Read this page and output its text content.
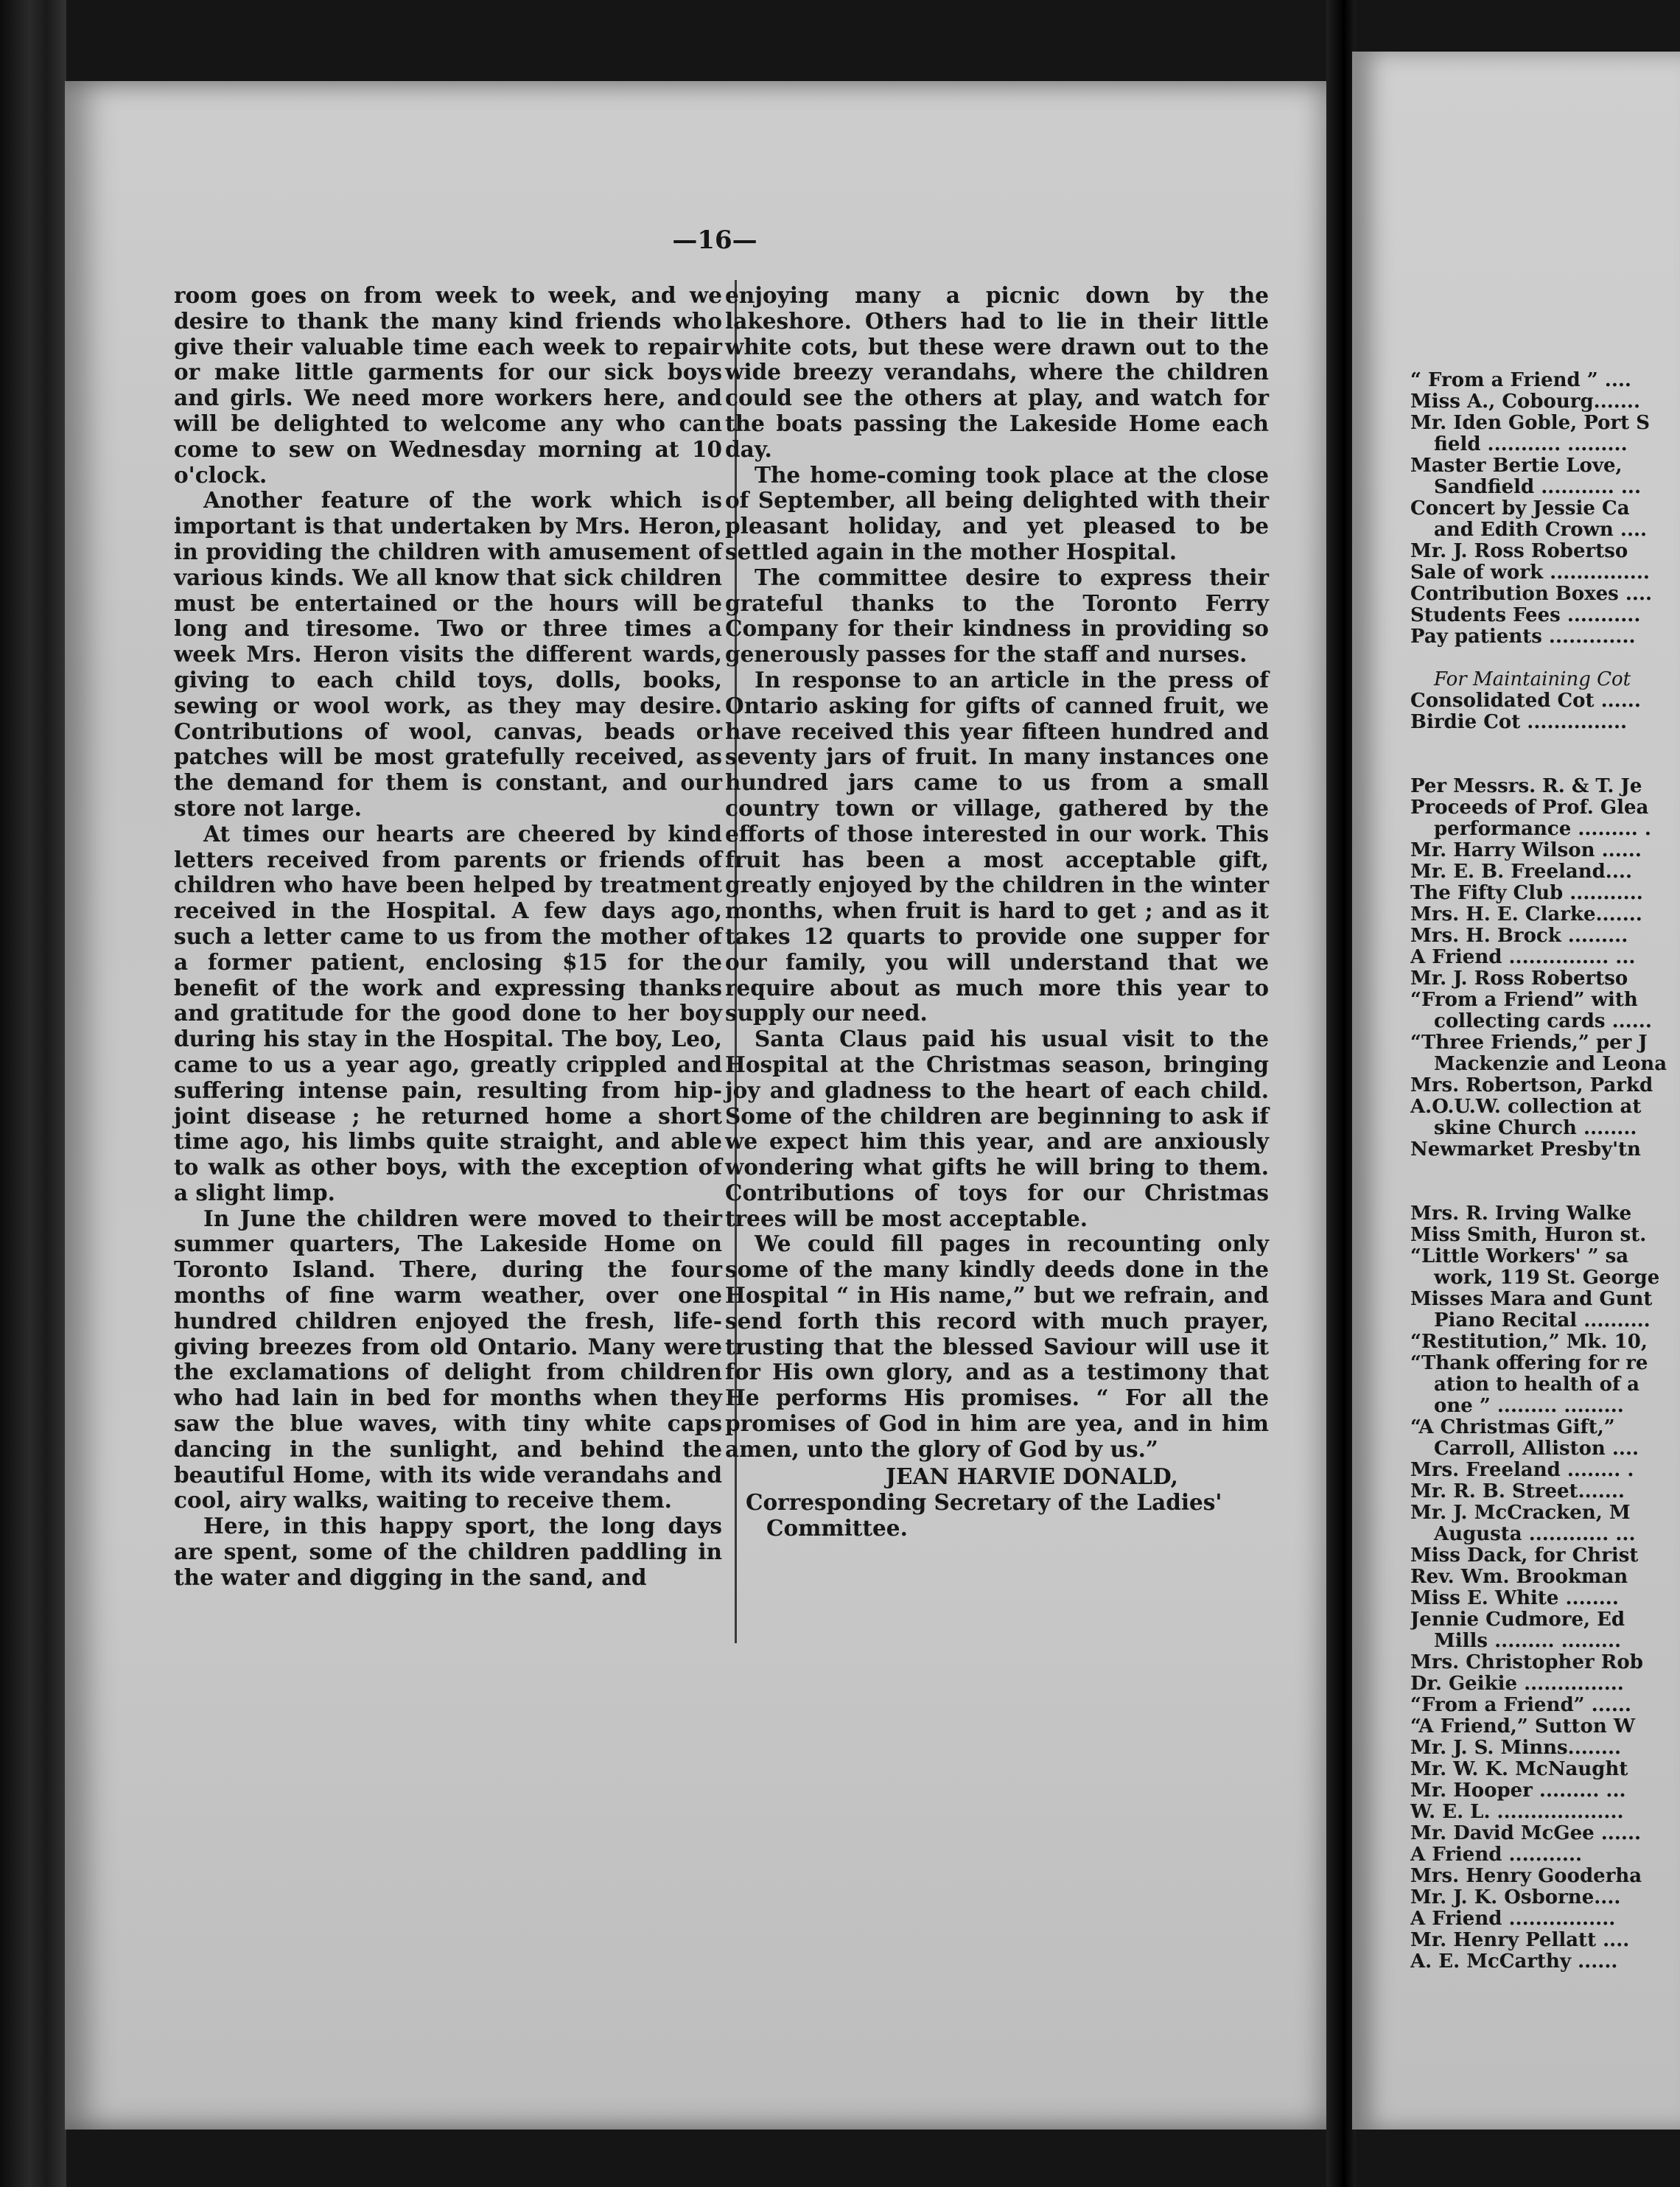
—16—

room goes on from week to week, and we desire to thank the many kind friends who give their valuable time each week to repair or make little garments for our sick boys and girls. We need more workers here, and will be delighted to welcome any who can come to sew on Wednesday morning at 10 o'clock.

Another feature of the work which is important is that undertaken by Mrs. Heron, in providing the children with amusement of various kinds. We all know that sick children must be entertained or the hours will be long and tiresome. Two or three times a week Mrs. Heron visits the different wards, giving to each child toys, dolls, books, sewing or wool work, as they may desire. Contributions of wool, canvas, beads or patches will be most gratefully received, as the demand for them is constant, and our store not large.

At times our hearts are cheered by kind letters received from parents or friends of children who have been helped by treatment received in the Hospital. A few days ago, such a letter came to us from the mother of a former patient, enclosing $15 for the benefit of the work and expressing thanks and gratitude for the good done to her boy during his stay in the Hospital. The boy, Leo, came to us a year ago, greatly crippled and suffering intense pain, resulting from hip-joint disease ; he returned home a short time ago, his limbs quite straight, and able to walk as other boys, with the exception of a slight limp.

In June the children were moved to their summer quarters, The Lakeside Home on Toronto Island. There, during the four months of fine warm weather, over one hundred children enjoyed the fresh, life-giving breezes from old Ontario. Many were the exclamations of delight from children who had lain in bed for months when they saw the blue waves, with tiny white caps dancing in the sunlight, and behind the beautiful Home, with its wide verandahs and cool, airy walks, waiting to receive them.

Here, in this happy sport, the long days are spent, some of the children paddling in the water and digging in the sand, and

enjoying many a picnic down by the lakeshore. Others had to lie in their little white cots, but these were drawn out to the wide breezy verandahs, where the children could see the others at play, and watch for the boats passing the Lakeside Home each day.

The home-coming took place at the close of September, all being delighted with their pleasant holiday, and yet pleased to be settled again in the mother Hospital.

The committee desire to express their grateful thanks to the Toronto Ferry Company for their kindness in providing so generously passes for the staff and nurses.

In response to an article in the press of Ontario asking for gifts of canned fruit, we have received this year fifteen hundred and seventy jars of fruit. In many instances one hundred jars came to us from a small country town or village, gathered by the efforts of those interested in our work. This fruit has been a most acceptable gift, greatly enjoyed by the children in the winter months, when fruit is hard to get ; and as it takes 12 quarts to provide one supper for our family, you will understand that we require about as much more this year to supply our need.

Santa Claus paid his usual visit to the Hospital at the Christmas season, bringing joy and gladness to the heart of each child. Some of the children are beginning to ask if we expect him this year, and are anxiously wondering what gifts he will bring to them. Contributions of toys for our Christmas trees will be most acceptable.

We could fill pages in recounting only some of the many kindly deeds done in the Hospital “ in His name,” but we refrain, and send forth this record with much prayer, trusting that the blessed Saviour will use it for His own glory, and as a testimony that He performs His promises. “ For all the promises of God in him are yea, and in him amen, unto the glory of God by us.”

JEAN HARVIE DONALD,
Corresponding Secretary of the Ladies'
Committee.
“ From a Friend ” ....
Miss A., Cobourg.......
Mr. Iden Goble, Port S
field ........... .........
Master Bertie Love,
Sandfield ........... ...
Concert by Jessie Ca
and Edith Crown ....
Mr. J. Ross Robertso
Sale of work ...............
Contribution Boxes ....
Students Fees ...........
Pay patients .............
For Maintaining Cot
Consolidated Cot ......
Birdie Cot ...............
Per Messrs. R. & T. Je
Proceeds of Prof. Glea
performance ......... .
Mr. Harry Wilson ......
Mr. E. B. Freeland....
The Fifty Club ...........
Mrs. H. E. Clarke.......
Mrs. H. Brock .........
A Friend ............... ...
Mr. J. Ross Robertso
“From a Friend” with
collecting cards ......
“Three Friends,” per J
Mackenzie and Leona
Mrs. Robertson, Parkd
A.O.U.W. collection at
skine Church ........
Newmarket Presby'tn
Mrs. R. Irving Walke
Miss Smith, Huron st.
“Little Workers' ” sa
work, 119 St. George
Misses Mara and Gunt
Piano Recital ..........
“Restitution,” Mk. 10,
“Thank offering for re
ation to health of a
one ” ......... .........
“A Christmas Gift,”
Carroll, Alliston ....
Mrs. Freeland ........ .
Mr. R. B. Street.......
Mr. J. McCracken, M
Augusta ............ ...
Miss Dack, for Christ
Rev. Wm. Brookman
Miss E. White ........
Jennie Cudmore, Ed
Mills ......... .........
Mrs. Christopher Rob
Dr. Geikie ...............
“From a Friend” ......
“A Friend,” Sutton W
Mr. J. S. Minns........
Mr. W. K. McNaught
Mr. Hooper ......... ...
W. E. L. ...................
Mr. David McGee ......
A Friend ...........
Mrs. Henry Gooderha
Mr. J. K. Osborne....
A Friend ................
Mr. Henry Pellatt ....
A. E. McCarthy ......
